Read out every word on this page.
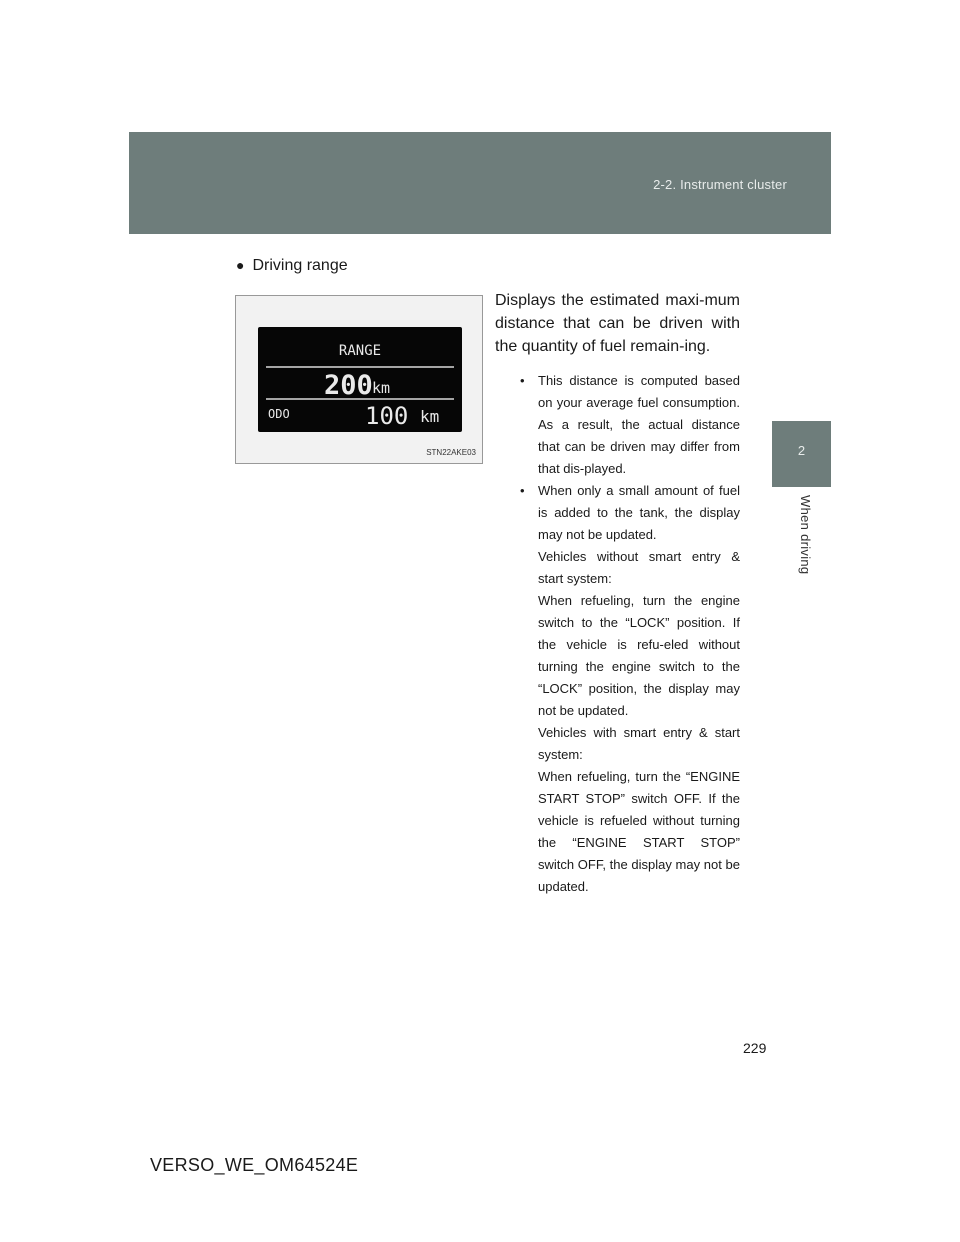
2-2. Instrument cluster
2
When driving
● Driving range
RANGE
200 km
ODO	100 km
STN22AKE03

Displays the estimated maxi-mum distance that can be driven with the quantity of fuel remain-ing.

• This distance is computed based on your average fuel consumption. As a result, the actual distance that can be driven may differ from that dis-played.

• When only a small amount of fuel is added to the tank, the display may not be updated.

Vehicles without smart entry & start system:

When refueling, turn the engine switch to the “LOCK” position. If the vehicle is refu-eled without turning the engine switch to the “LOCK” position, the display may not be updated.

Vehicles with smart entry & start system:

When refueling, turn the “ENGINE START STOP” switch OFF. If the vehicle is refueled without turning the “ENGINE START STOP” switch OFF, the display may not be updated.

229
VERSO_WE_OM64524E
